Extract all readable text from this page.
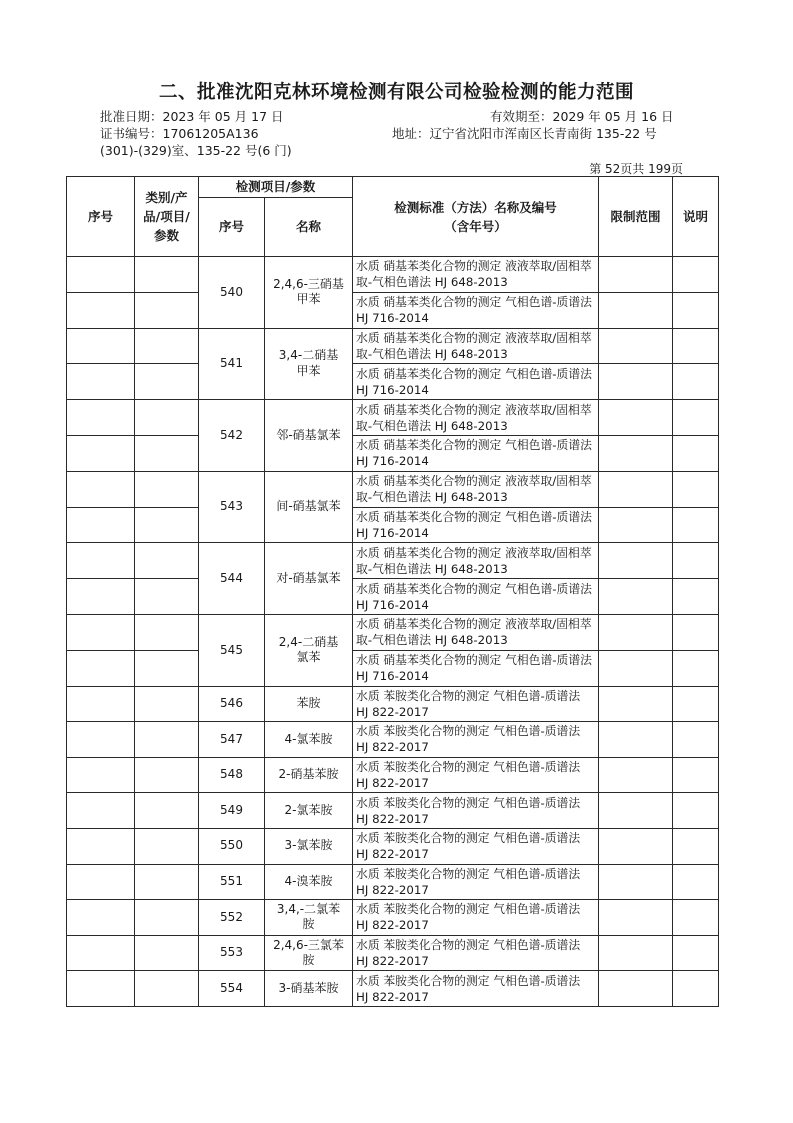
二、批准沈阳克林环境检测有限公司检验检测的能力范围
批准日期：2023 年 05 月 17 日	有效期至：2029 年 05 月 16 日
证书编号：17061205A136	地址：辽宁省沈阳市浑南区长青南街 135-22 号
(301)-(329)室、135-22 号(6 门)
第 52页共 199页
序号	类别/产品/项目/参数	检测项目/参数		检测标准（方法）名称及编号（含年号）	限制范围	说明
		序号	名称			
		540	2,4,6-三硝基甲苯	水质 硝基苯类化合物的测定 液液萃取/固相萃取-气相色谱法 HJ 648-2013		
				水质 硝基苯类化合物的测定 气相色谱-质谱法 HJ 716-2014		
		541	3,4-二硝基甲苯	水质 硝基苯类化合物的测定 液液萃取/固相萃取-气相色谱法 HJ 648-2013		
				水质 硝基苯类化合物的测定 气相色谱-质谱法 HJ 716-2014		
		542	邻-硝基氯苯	水质 硝基苯类化合物的测定 液液萃取/固相萃取-气相色谱法 HJ 648-2013		
				水质 硝基苯类化合物的测定 气相色谱-质谱法 HJ 716-2014		
		543	间-硝基氯苯	水质 硝基苯类化合物的测定 液液萃取/固相萃取-气相色谱法 HJ 648-2013		
				水质 硝基苯类化合物的测定 气相色谱-质谱法 HJ 716-2014		
		544	对-硝基氯苯	水质 硝基苯类化合物的测定 液液萃取/固相萃取-气相色谱法 HJ 648-2013		
				水质 硝基苯类化合物的测定 气相色谱-质谱法 HJ 716-2014		
		545	2,4-二硝基氯苯	水质 硝基苯类化合物的测定 液液萃取/固相萃取-气相色谱法 HJ 648-2013		
				水质 硝基苯类化合物的测定 气相色谱-质谱法 HJ 716-2014		
		546	苯胺	水质 苯胺类化合物的测定 气相色谱-质谱法 HJ 822-2017		
		547	4-氯苯胺	水质 苯胺类化合物的测定 气相色谱-质谱法 HJ 822-2017		
		548	2-硝基苯胺	水质 苯胺类化合物的测定 气相色谱-质谱法 HJ 822-2017		
		549	2-氯苯胺	水质 苯胺类化合物的测定 气相色谱-质谱法 HJ 822-2017		
		550	3-氯苯胺	水质 苯胺类化合物的测定 气相色谱-质谱法 HJ 822-2017		
		551	4-溴苯胺	水质 苯胺类化合物的测定 气相色谱-质谱法 HJ 822-2017		
		552	3,4,-二氯苯胺	水质 苯胺类化合物的测定 气相色谱-质谱法 HJ 822-2017		
		553	2,4,6-三氯苯胺	水质 苯胺类化合物的测定 气相色谱-质谱法 HJ 822-2017		
		554	3-硝基苯胺	水质 苯胺类化合物的测定 气相色谱-质谱法 HJ 822-2017		
